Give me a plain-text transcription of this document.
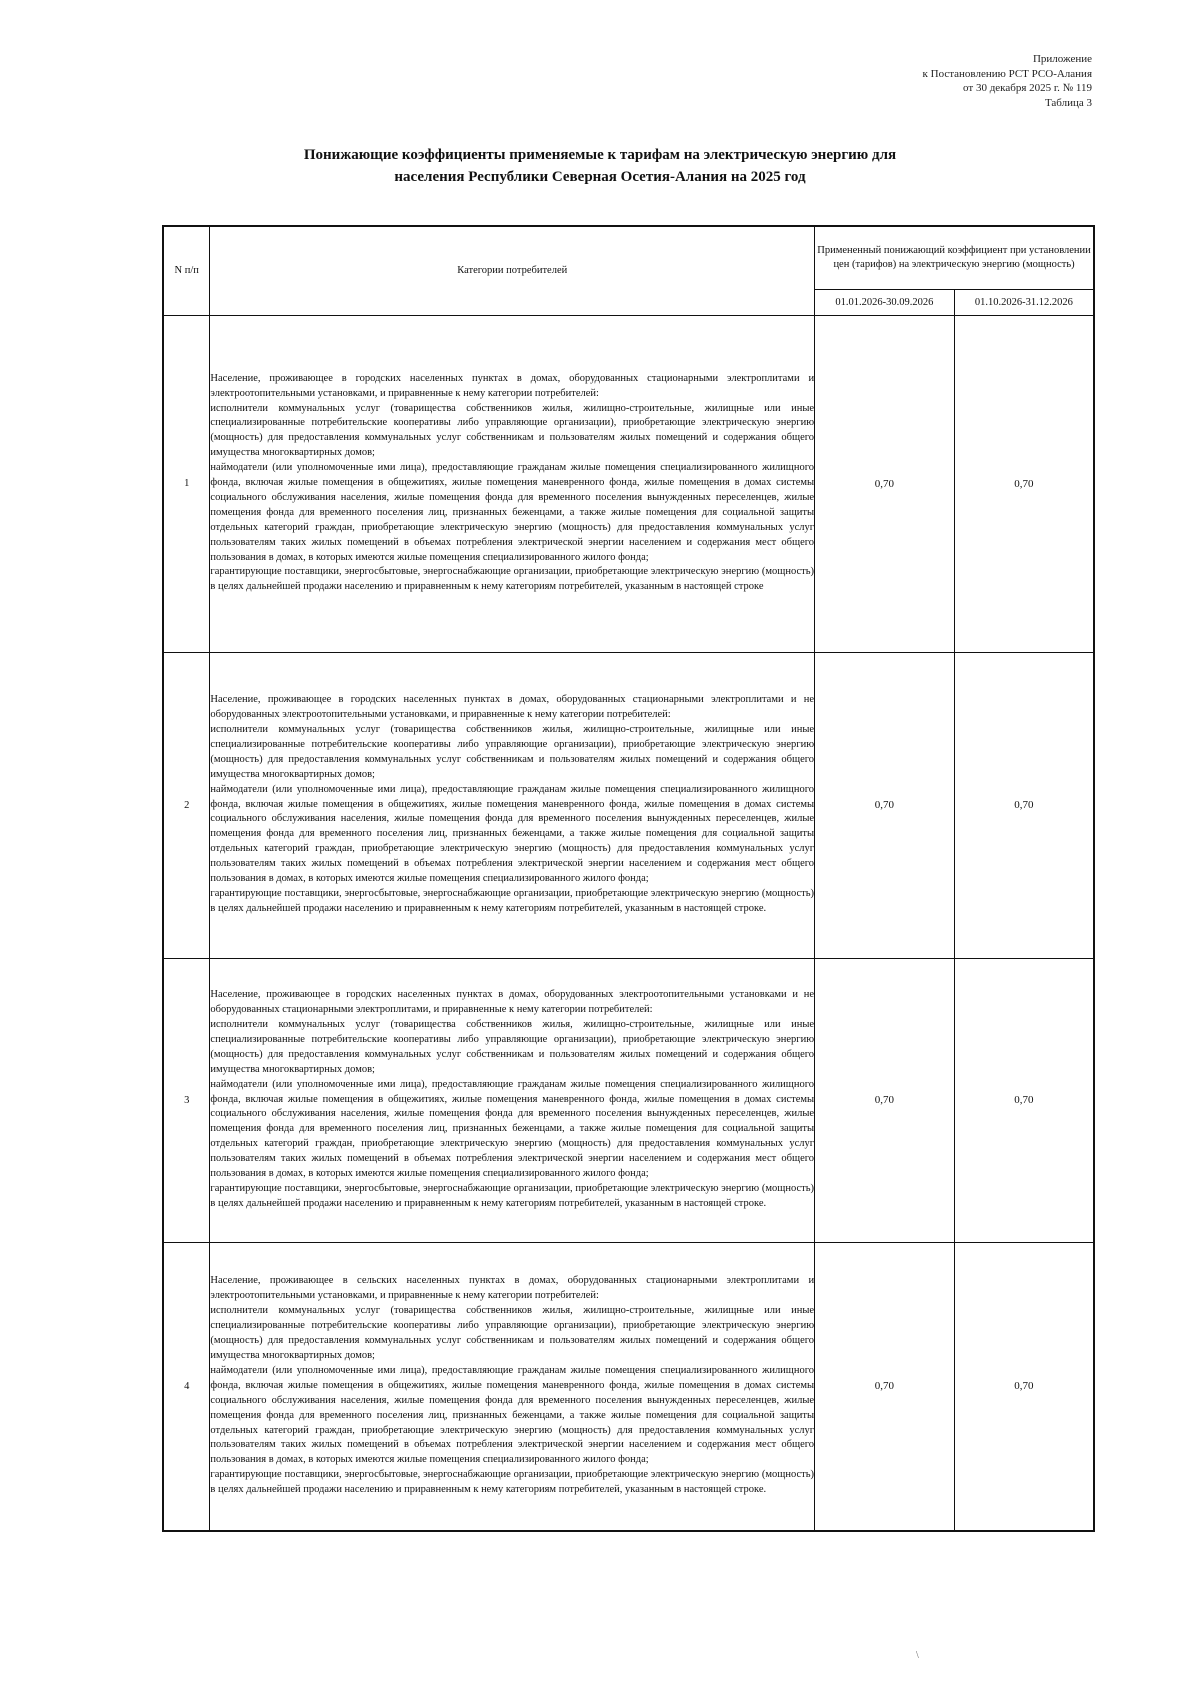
Приложение
к Постановлению РСТ РСО-Алания
от 30 декабря 2025 г. № 119
Таблица 3
Понижающие коэффициенты применяемые к тарифам на электрическую энергию для
населения Республики Северная Осетия-Алания на 2025 год
N п/п	Категории потребителей	Примененный понижающий коэффициент при установлении цен (тарифов) на электрическую энергию (мощность)	
		01.01.2026-30.09.2026	01.10.2026-31.12.2026
1	Население, проживающее в городских населенных пунктах в домах, оборудованных стационарными электроплитами и электроотопительными установками, и приравненные к нему категории потребителей:

исполнители коммунальных услуг (товарищества собственников жилья, жилищно-строительные, жилищные или иные специализированные потребительские кооперативы либо управляющие организации), приобретающие электрическую энергию (мощность) для предоставления коммунальных услуг собственникам и пользователям жилых помещений и содержания общего имущества многоквартирных домов;

наймодатели (или уполномоченные ими лица), предоставляющие гражданам жилые помещения специализированного жилищного фонда, включая жилые помещения в общежитиях, жилые помещения маневренного фонда, жилые помещения в домах системы социального обслуживания населения, жилые помещения фонда для временного поселения вынужденных переселенцев, жилые помещения фонда для временного поселения лиц, признанных беженцами, а также жилые помещения для социальной защиты отдельных категорий граждан, приобретающие электрическую энергию (мощность) для предоставления коммунальных услуг пользователям таких жилых помещений в объемах потребления электрической энергии населением и содержания мест общего пользования в домах, в которых имеются жилые помещения специализированного жилого фонда;

гарантирующие поставщики, энергосбытовые, энергоснабжающие организации, приобретающие электрическую энергию (мощность) в целях дальнейшей продажи населению и приравненным к нему категориям потребителей, указанным в настоящей строке	0,70	0,70
2	Население, проживающее в городских населенных пунктах в домах, оборудованных стационарными электроплитами и не оборудованных электроотопительными установками, и приравненные к нему категории потребителей:

исполнители коммунальных услуг (товарищества собственников жилья, жилищно-строительные, жилищные или иные специализированные потребительские кооперативы либо управляющие организации), приобретающие электрическую энергию (мощность) для предоставления коммунальных услуг собственникам и пользователям жилых помещений и содержания общего имущества многоквартирных домов;

наймодатели (или уполномоченные ими лица), предоставляющие гражданам жилые помещения специализированного жилищного фонда, включая жилые помещения в общежитиях, жилые помещения маневренного фонда, жилые помещения в домах системы социального обслуживания населения, жилые помещения фонда для временного поселения вынужденных переселенцев, жилые помещения фонда для временного поселения лиц, признанных беженцами, а также жилые помещения для социальной защиты отдельных категорий граждан, приобретающие электрическую энергию (мощность) для предоставления коммунальных услуг пользователям таких жилых помещений в объемах потребления электрической энергии населением и содержания мест общего пользования в домах, в которых имеются жилые помещения специализированного жилого фонда;

гарантирующие поставщики, энергосбытовые, энергоснабжающие организации, приобретающие электрическую энергию (мощность) в целях дальнейшей продажи населению и приравненным к нему категориям потребителей, указанным в настоящей строке.	0,70	0,70
3	Население, проживающее в городских населенных пунктах в домах, оборудованных электроотопительными установками и не оборудованных стационарными электроплитами, и приравненные к нему категории потребителей:

исполнители коммунальных услуг (товарищества собственников жилья, жилищно-строительные, жилищные или иные специализированные потребительские кооперативы либо управляющие организации), приобретающие электрическую энергию (мощность) для предоставления коммунальных услуг собственникам и пользователям жилых помещений и содержания общего имущества многоквартирных домов;

наймодатели (или уполномоченные ими лица), предоставляющие гражданам жилые помещения специализированного жилищного фонда, включая жилые помещения в общежитиях, жилые помещения маневренного фонда, жилые помещения в домах системы социального обслуживания населения, жилые помещения фонда для временного поселения вынужденных переселенцев, жилые помещения фонда для временного поселения лиц, признанных беженцами, а также жилые помещения для социальной защиты отдельных категорий граждан, приобретающие электрическую энергию (мощность) для предоставления коммунальных услуг пользователям таких жилых помещений в объемах потребления электрической энергии населением и содержания мест общего пользования в домах, в которых имеются жилые помещения специализированного жилого фонда;

гарантирующие поставщики, энергосбытовые, энергоснабжающие организации, приобретающие электрическую энергию (мощность) в целях дальнейшей продажи населению и приравненным к нему категориям потребителей, указанным в настоящей строке.	0,70	0,70
4	Население, проживающее в сельских населенных пунктах в домах, оборудованных стационарными электроплитами и электроотопительными установками, и приравненные к нему категории потребителей:

исполнители коммунальных услуг (товарищества собственников жилья, жилищно-строительные, жилищные или иные специализированные потребительские кооперативы либо управляющие организации), приобретающие электрическую энергию (мощность) для предоставления коммунальных услуг собственникам и пользователям жилых помещений и содержания общего имущества многоквартирных домов;

наймодатели (или уполномоченные ими лица), предоставляющие гражданам жилые помещения специализированного жилищного фонда, включая жилые помещения в общежитиях, жилые помещения маневренного фонда, жилые помещения в домах системы социального обслуживания населения, жилые помещения фонда для временного поселения вынужденных переселенцев, жилые помещения фонда для временного поселения лиц, признанных беженцами, а также жилые помещения для социальной защиты отдельных категорий граждан, приобретающие электрическую энергию (мощность) для предоставления коммунальных услуг пользователям таких жилых помещений в объемах потребления электрической энергии населением и содержания мест общего пользования в домах, в которых имеются жилые помещения специализированного жилого фонда;

гарантирующие поставщики, энергосбытовые, энергоснабжающие организации, приобретающие электрическую энергию (мощность) в целях дальнейшей продажи населению и приравненным к нему категориям потребителей, указанным в настоящей строке.	0,70	0,70
\
